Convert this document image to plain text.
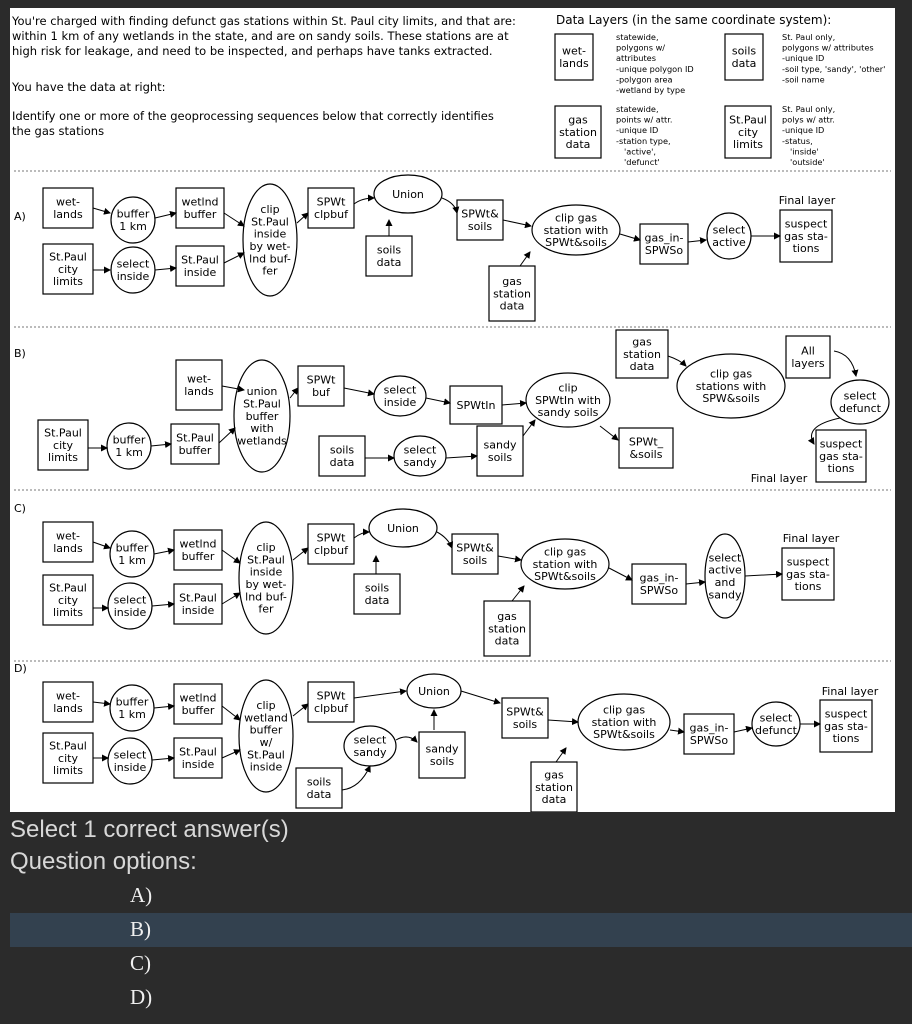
You're charged with finding defunct gas stations within St. Paul city limits, and that are:
within 1 km of any wetlands in the state, and are on sandy soils. These stations are at
high risk for leakage, and need to be inspected, and perhaps have tanks extracted.
You have the data at right:
Identify one or more of the geoprocessing sequences below that correctly identifies
the gas stations
Data Layers (in the same coordinate system):
wet-lands
statewide, polygons w/ attributes -unique polygon ID -polygon area -wetland by type
soils data
St. Paul only, polygons w/ attributes -unique ID -soil type, 'sandy', 'other' -soil name
gas station data
statewide, points w/ attr. -unique ID -station type, 'active', 'defunct'
St.Paul city limits
St. Paul only, polys w/ attr. -unique ID -status, 'inside' 'outside'
A)
wet-lands	buffer 1 km
wetlnd buffer
St.Paul city limits
select inside
St.Paul inside
clip St.Paul inside by wet-lnd buf-fer
SPWt clpbuf
Union
soils data
SPWt& soils
gas station data
clip gas station with SPWt&soils	gas_in-SPWSo
select active
Final layer
suspect gas sta-tions
B)
wet-lands
St.Paul city limits
buffer 1 km
St.Paul buffer
union St.Paul buffer with wetlands
SPWt buf	select inside	SPWtIn
soils data
select sandy
sandy soils
clip SPWtIn with sandy soils
SPWt_ &soils
gas station data
clip gas stations with SPW&soils
All layers
select defunct
suspect gas sta-tions
Final layer
C)
wet-lands	buffer 1 km
wetlnd buffer
St.Paul city limits
select inside
St.Paul inside
clip St.Paul inside by wet-lnd buf-fer
SPWt clpbuf
Union
soils data
SPWt& soils
gas station data
clip gas station with SPWt&soils	gas_in-SPWSo
select active and sandy
Final layer
suspect gas sta-tions
D)
wet-lands	buffer 1 km
wetlnd buffer
St.Paul city limits
select inside
St.Paul inside
clip wetland buffer w/ St.Paul inside
SPWt clpbuf
Union
select sandy	sandy soils
soils data
SPWt& soils
gas station data
clip gas station with SPWt&soils	gas_in-SPWSo
select defunct
Final layer
suspect gas sta-tions
Select 1 correct answer(s)
Question options:
A)
B)
C)
D)
